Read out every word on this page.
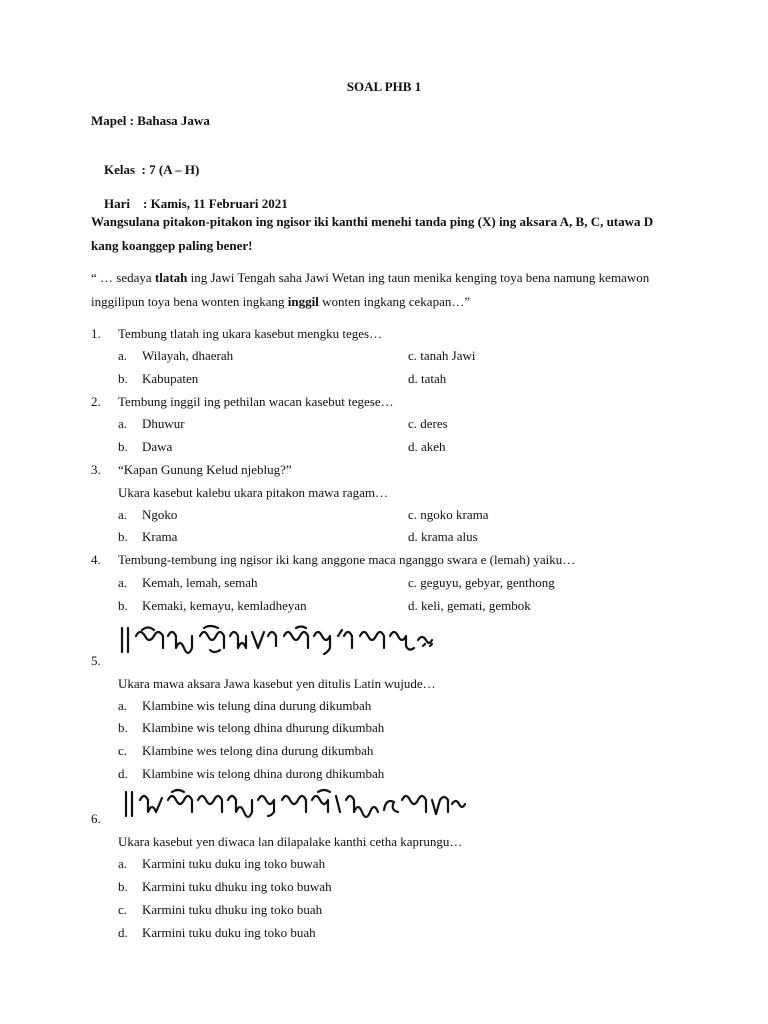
SOAL PHB 1
Mapel : Bahasa Jawa

Kelas  : 7 (A – H)

Hari    : Kamis, 11 Februari 2021

Wangsulana pitakon-pitakon ing ngisor iki kanthi menehi tanda ping (X) ing aksara A, B, C, utawa D kang koanggep paling bener!
“ … sedaya tlatah ing Jawi Tengah saha Jawi Wetan ing taun menika kenging toya bena namung kemawon inggilipun toya bena wonten ingkang inggil wonten ingkang cekapan…”
1.	Tembung tlatah ing ukara kasebut mengku teges…
a. Wilayah, dhaerah
b. Kabupaten
c. tanah Jawi
d. tatah
2.	Tembung inggil ing pethilan wacan kasebut tegese…
a. Dhuwur
b. Dawa
c. deres
d. akeh
3.	“Kapan Gunung Kelud njeblug?”
Ukara kasebut kalebu ukara pitakon mawa ragam…
a. Ngoko
b. Krama
c. ngoko krama
d. krama alus
4.	Tembung-tembung ing ngisor iki kang anggone maca nganggo swara e (lemah) yaiku…
a. Kemah, lemah, semah
b. Kemaki, kemayu, kemladheyan
c. geguyu, gebyar, genthong
d. keli, gemati, gembok
5.
Ukara mawa aksara Jawa kasebut yen ditulis Latin wujude…
a. Klambine wis telung dina durung dikumbah
b. Klambine wis telong dhina dhurung dikumbah
c. Klambine wes telong dina durung dikumbah
d. Klambine wis telong dhina durong dhikumbah
6.
Ukara kasebut yen diwaca lan dilapalake kanthi cetha kaprungu…
a. Karmini tuku duku ing toko buwah
b. Karmini tuku dhuku ing toko buwah
c. Karmini tuku dhuku ing toko buah
d. Karmini tuku duku ing toko buah
